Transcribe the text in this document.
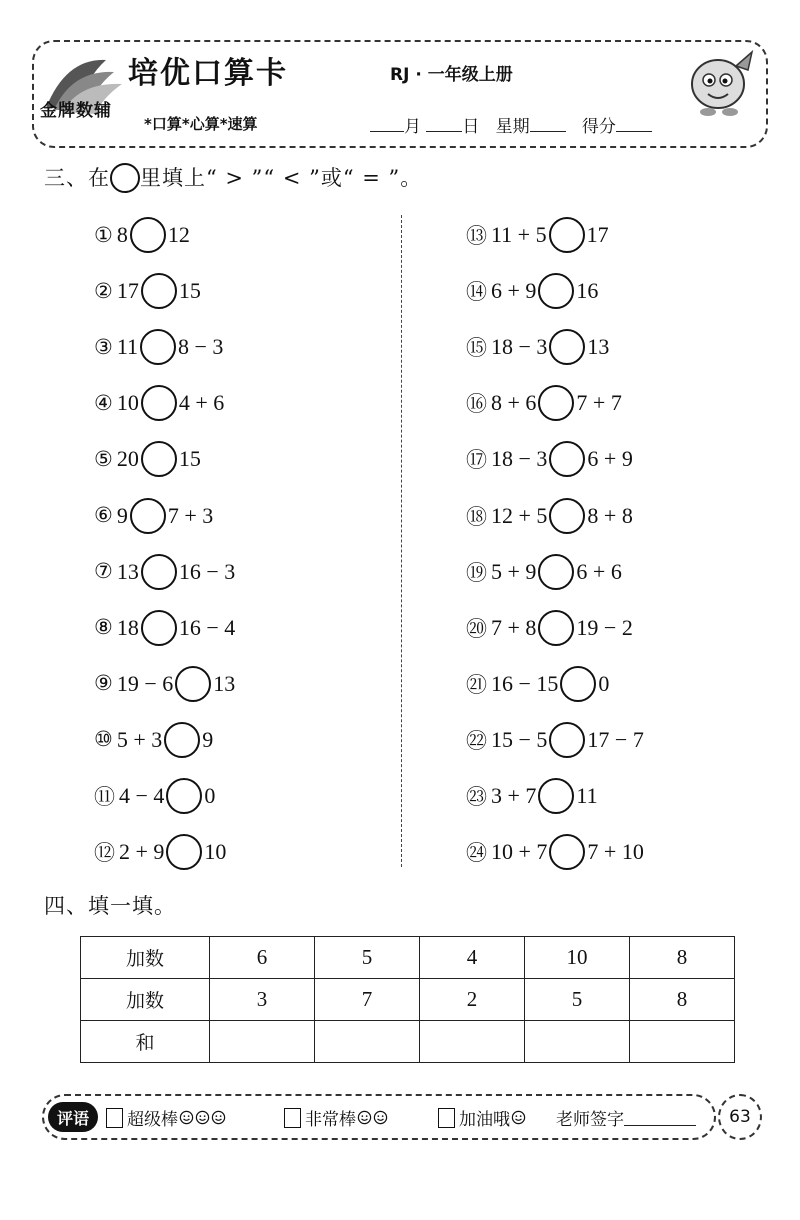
金牌数辅
培优口算卡	RJ · 一年级上册
*口算*心算*速算	月 日 星期	得分
三、在 里填上“ > ”“ < ”或“ = ”。
① 8 12
② 17 15
③ 11 8 − 3
④ 10 4 + 6
⑤ 20 15
⑥ 9 7 + 3
⑦ 13 16 − 3
⑧ 18 16 − 4
⑨ 19 − 6 13
⑩ 5 + 3 9
⑪ 4 − 4 0
⑫ 2 + 9 10
⑬ 11 + 5 17
⑭ 6 + 9 16
⑮ 18 − 3 13
⑯ 8 + 6 7 + 7
⑰ 18 − 3 6 + 9
⑱ 12 + 5 8 + 8
⑲ 5 + 9 6 + 6
⑳ 7 + 8 19 − 2
㉑ 16 − 15 0
㉒ 15 − 5 17 − 7
㉓ 3 + 7 11
㉔ 10 + 7 7 + 10
四、填一填。
加数	6	5	4	10	8
加数	3	7	2	5	8
和					
评语	超级棒	非常棒	加油哦	老师签字	63
